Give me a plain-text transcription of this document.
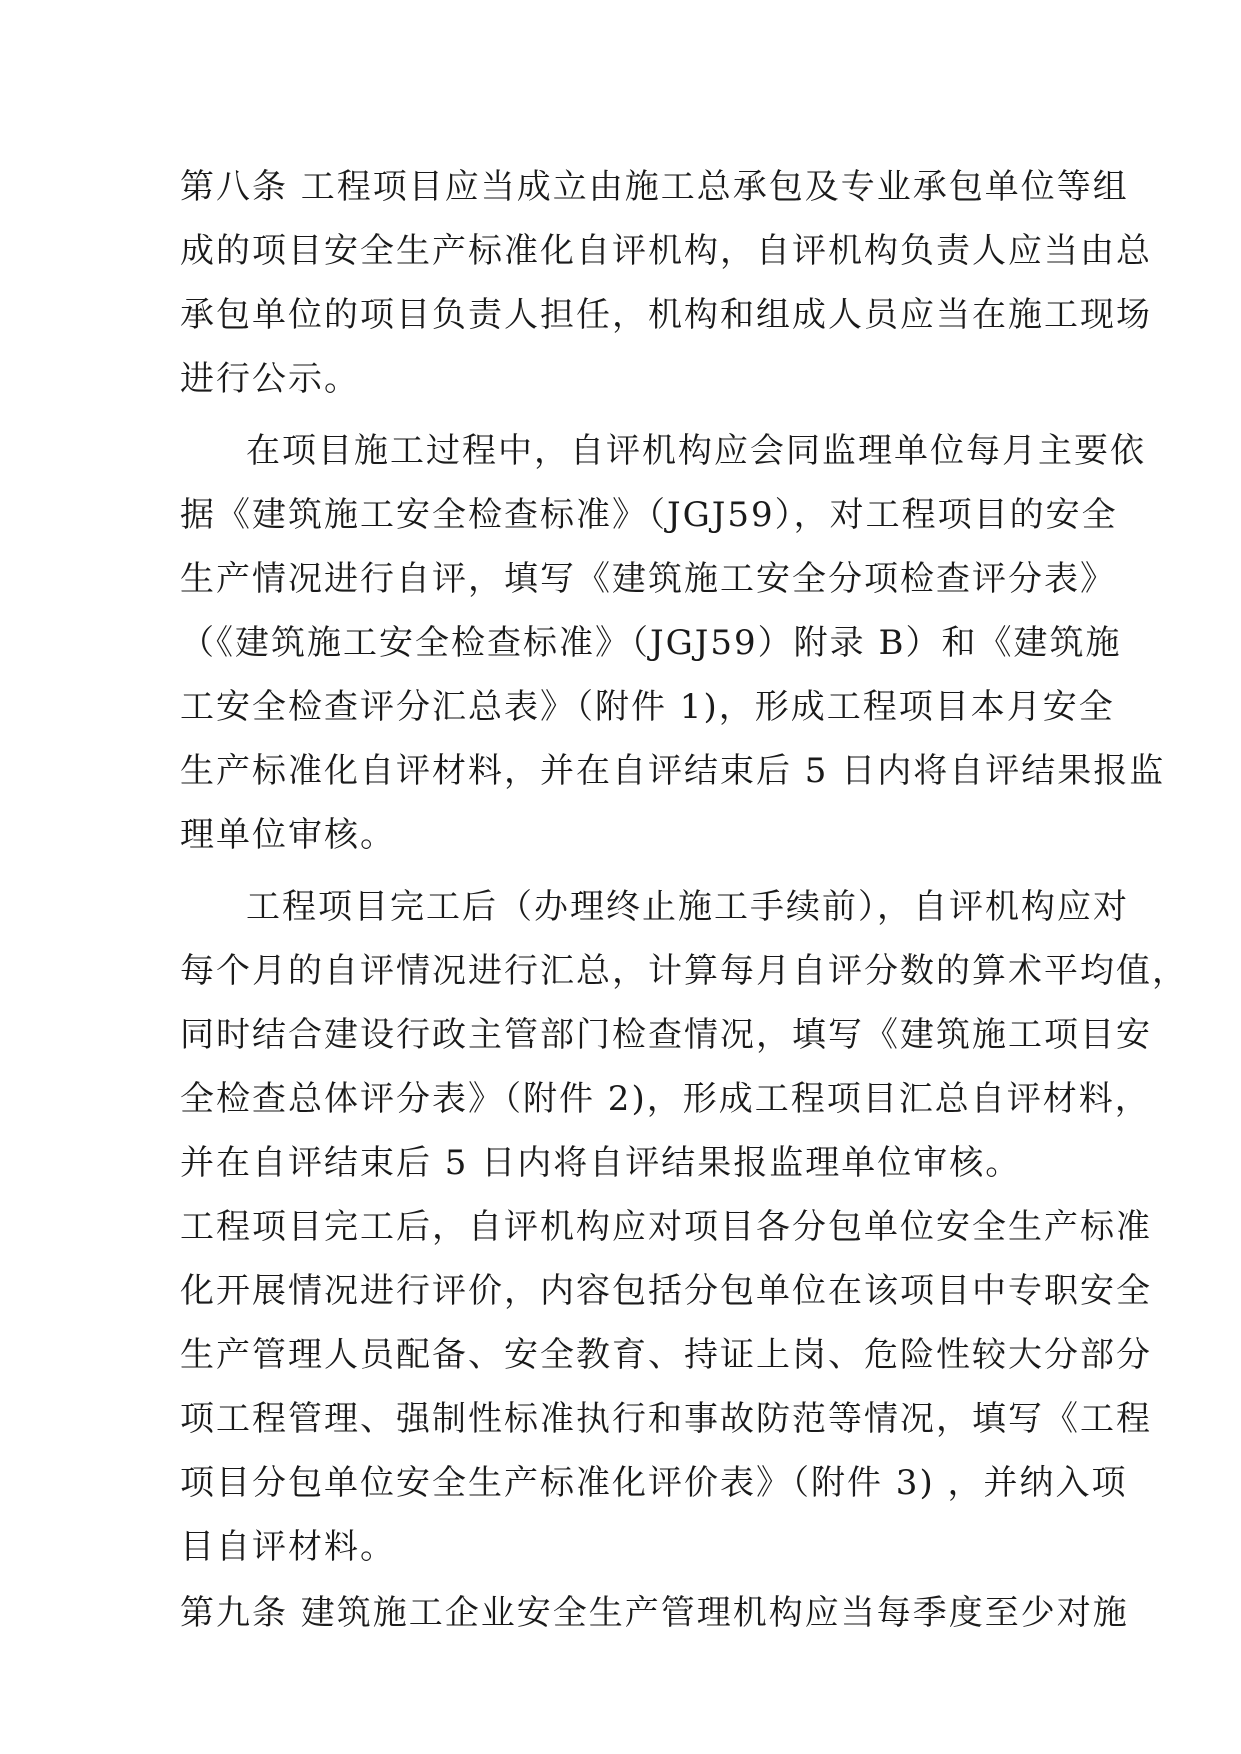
第八条 工程项目应当成立由施工总承包及专业承包单位等组
成的项目安全生产标准化自评机构，自评机构负责人应当由总
承包单位的项目负责人担任，机构和组成人员应当在施工现场
进行公示。
在项目施工过程中，自评机构应会同监理单位每月主要依
据《建筑施工安全检查标准》（JGJ59），对工程项目的安全
生产情况进行自评，填写《建筑施工安全分项检查评分表》
（《建筑施工安全检查标准》（JGJ59）附录 B）和《建筑施
工安全检查评分汇总表》（附件 1)，形成工程项目本月安全
生产标准化自评材料，并在自评结束后 5 日内将自评结果报监
理单位审核。
工程项目完工后（办理终止施工手续前），自评机构应对
每个月的自评情况进行汇总，计算每月自评分数的算术平均值，
同时结合建设行政主管部门检查情况，填写《建筑施工项目安
全检查总体评分表》（附件 2)，形成工程项目汇总自评材料，
并在自评结束后 5 日内将自评结果报监理单位审核。
工程项目完工后，自评机构应对项目各分包单位安全生产标准
化开展情况进行评价，内容包括分包单位在该项目中专职安全
生产管理人员配备、安全教育、持证上岗、危险性较大分部分
项工程管理、强制性标准执行和事故防范等情况，填写《工程
项目分包单位安全生产标准化评价表》（附件 3) ，并纳入项
目自评材料。
第九条 建筑施工企业安全生产管理机构应当每季度至少对施
